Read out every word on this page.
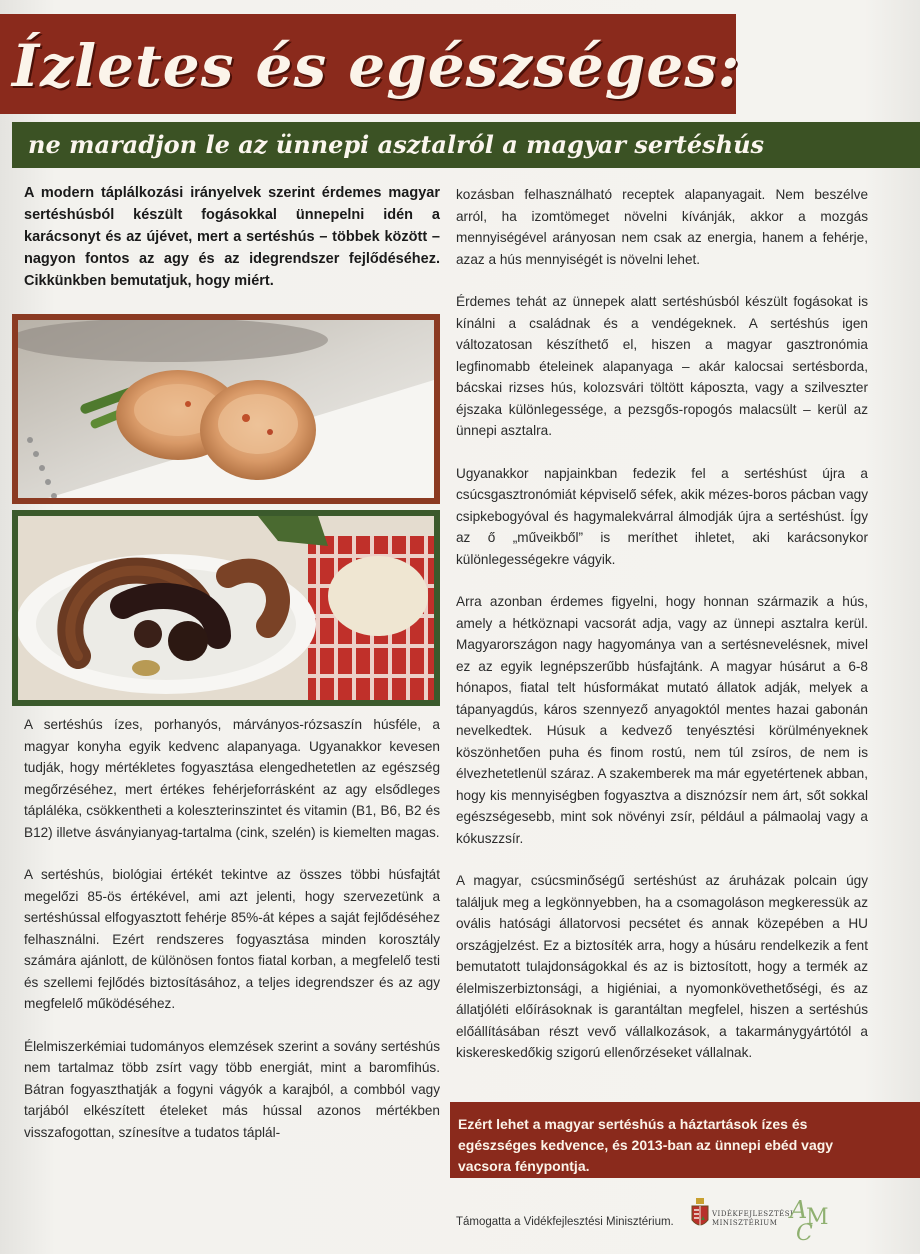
Ízletes és egészséges:
ne maradjon le az ünnepi asztalról a magyar sertéshús
A modern táplálkozási irányelvek szerint érdemes magyar sertéshúsból készült fogásokkal ünnepelni idén a karácsonyt és az újévet, mert a sertéshús – többek között – nagyon fontos az agy és az idegrendszer fejlődéséhez. Cikkünkben bemutatjuk, hogy miért.

A sertéshús ízes, porhanyós, márványos-rózsaszín húsféle, a magyar konyha egyik kedvenc alapanyaga. Ugyanakkor kevesen tudják, hogy mértékletes fogyasztása elengedhetetlen az egészség megőrzéséhez, mert értékes fehérjeforrásként az agy elsődleges tápláléka, csökkentheti a koleszterinszintet és vitamin (B1, B6, B2 és B12) illetve ásványianyag-tartalma (cink, szelén) is kiemelten magas.

A sertéshús, biológiai értékét tekintve az összes többi húsfajtát megelőzi 85-ös értékével, ami azt jelenti, hogy szervezetünk a sertéshússal elfogyasztott fehérje 85%-át képes a saját fejlődéséhez felhasználni. Ezért rendszeres fogyasztása minden korosztály számára ajánlott, de különösen fontos fiatal korban, a megfelelő testi és szellemi fejlődés biztosításához, a teljes idegrendszer és az agy megfelelő működéséhez.

Élelmiszerkémiai tudományos elemzések szerint a sovány sertéshús nem tartalmaz több zsírt vagy több energiát, mint a baromfihús. Bátran fogyaszthatják a fogyni vágyók a karajból, a combból vagy tarjából elkészített ételeket más hússal azonos mértékben visszafogottan, színesítve a tudatos táplál-

kozásban felhasználható receptek alapanyagait. Nem beszélve arról, ha izomtömeget növelni kívánják, akkor a mozgás mennyiségével arányosan nem csak az energia, hanem a fehérje, azaz a hús mennyiségét is növelni lehet.

Érdemes tehát az ünnepek alatt sertéshúsból készült fogásokat is kínálni a családnak és a vendégeknek. A sertéshús igen változatosan készíthető el, hiszen a magyar gasztronómia legfinomabb ételeinek alapanyaga – akár kalocsai sertésborda, bácskai rizses hús, kolozsvári töltött káposzta, vagy a szilveszter éjszaka különlegessége, a pezsgős-ropogós malacsült – kerül az ünnepi asztalra.

Ugyanakkor napjainkban fedezik fel a sertéshúst újra a csúcsgasztronómiát képviselő séfek, akik mézes-boros pácban vagy csipkebogyóval és hagymalekvárral álmodják újra a sertéshúst. Így az ő „műveikből” is meríthet ihletet, aki karácsonykor különlegességekre vágyik.

Arra azonban érdemes figyelni, hogy honnan származik a hús, amely a hétköznapi vacsorát adja, vagy az ünnepi asztalra kerül. Magyarországon nagy hagyománya van a sertésnevelésnek, mivel ez az egyik legnépszerűbb húsfajtánk. A magyar húsárut a 6-8 hónapos, fiatal telt húsformákat mutató állatok adják, melyek a tápanyagdús, káros szennyező anyagoktól mentes hazai gabonán nevelkedtek. Húsuk a kedvező tenyésztési körülményeknek köszönhetően puha és finom rostú, nem túl zsíros, de nem is élvezhetetlenül száraz. A szakemberek ma már egyetértenek abban, hogy kis mennyiségben fogyasztva a disznózsír nem árt, sőt sokkal egészségesebb, mint sok növényi zsír, például a pálmaolaj vagy a kókuszzsír.

A magyar, csúcsminőségű sertéshúst az áruházak polcain úgy találjuk meg a legkönnyebben, ha a csomagoláson megkeressük az ovális hatósági állatorvosi pecsétet és annak közepében a HU országjelzést. Ez a biztosíték arra, hogy a húsáru rendelkezik a fent bemutatott tulajdonságokkal és az is biztosított, hogy a termék az élelmiszerbiztonsági, a higiéniai, a nyomonkövethetőségi, és az állatjóléti előírásoknak is garantáltan megfelel, hiszen a sertéshús előállításában részt vevő vállalkozások, a takarmánygyártótól a kiskereskedőkig szigorú ellenőrzéseket vállalnak.

Ezért lehet a magyar sertéshús a háztartások ízes és egészséges kedvence, és 2013-ban az ünnepi ebéd vagy vacsora fénypontja.
Támogatta a Vidékfejlesztési Minisztérium.
VIDÉKFEJLESZTÉSI
MINISZTÉRIUM A
M
C
